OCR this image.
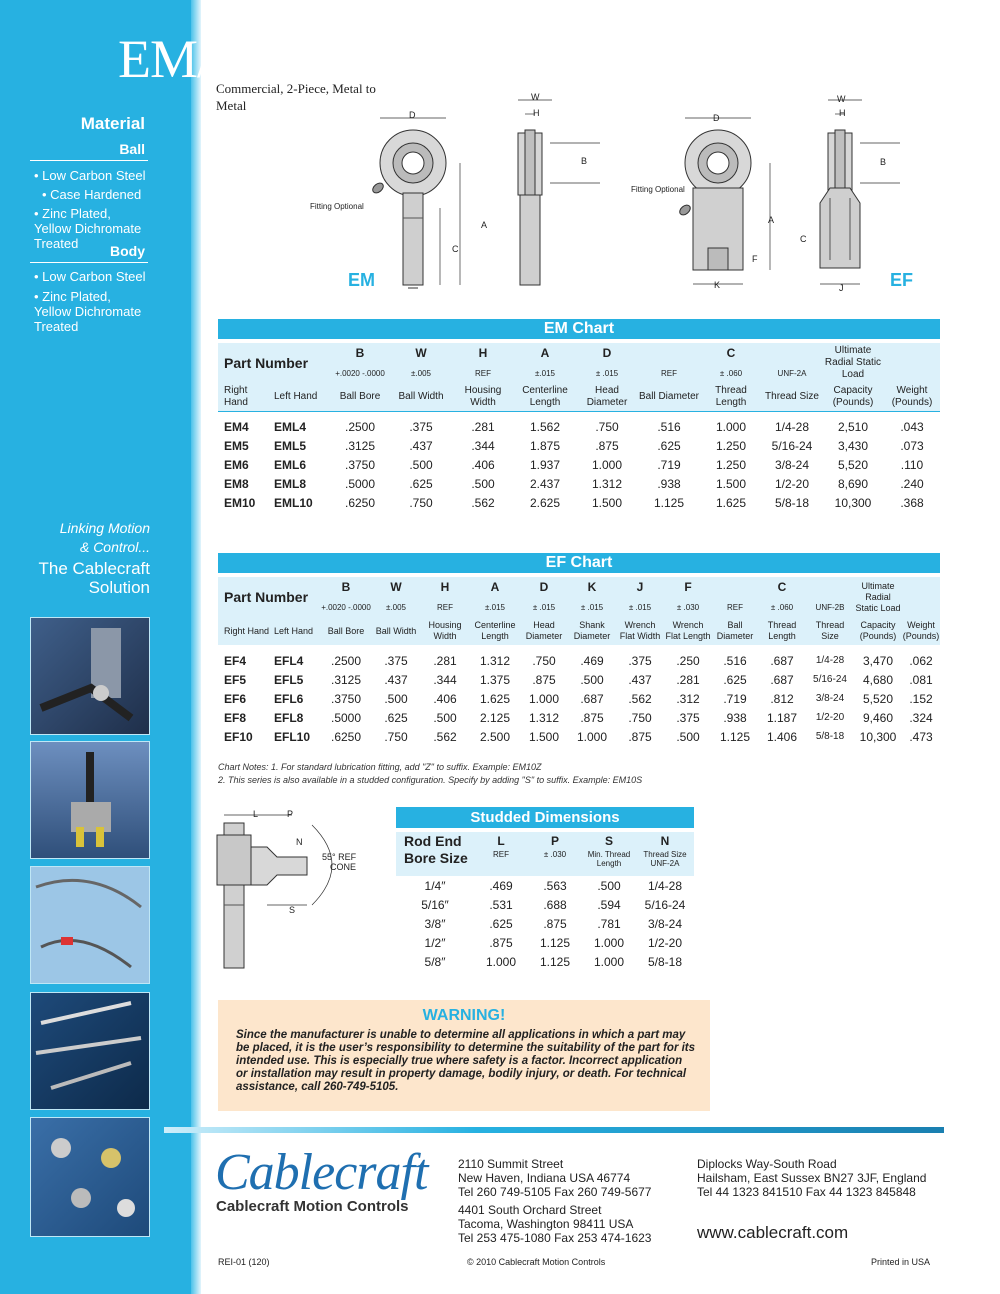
EM/EF
Commercial, 2-Piece, Metal to Metal
Material
Ball
• Low Carbon Steel
• Case Hardened
• Zinc Plated, Yellow Dichromate Treated	Body
• Low Carbon Steel
• Zinc Plated, Yellow Dichromate Treated
Linking Motion
& Control...
The Cablecraft
Solution
D
W
H
B
A
C
Fitting Optional
EM
D
W
H
B
A
C
F
K	J
Fitting Optional
EF
EM Chart
Part Number		B	W	H	A	D		C		Ultimate Radial Static Load	
		+.0020 -.0000	±.005	REF	±.015	± .015	REF	± .060	UNF-2A		
Right Hand	Left Hand	Ball Bore	Ball Width	Housing Width	Centerline Length	Head Diameter	Ball Diameter	Thread Length	Thread Size	Capacity (Pounds)	Weight (Pounds)

EM4	EML4	.2500	.375	.281	1.562	.750	.516	1.000	1/4-28	2,510	.043
EM5	EML5	.3125	.437	.344	1.875	.875	.625	1.250	5/16-24	3,430	.073
EM6	EML6	.3750	.500	.406	1.937	1.000	.719	1.250	3/8-24	5,520	.110
EM8	EML8	.5000	.625	.500	2.437	1.312	.938	1.500	1/2-20	8,690	.240
EM10	EML10	.6250	.750	.562	2.625	1.500	1.125	1.625	5/8-18	10,300	.368
EF Chart
Part Number		B	W	H	A	D	K	J	F		C		Ultimate Radial Static Load	
		+.0020 -.0000	±.005	REF	±.015	± .015	± .015	± .015	± .030	REF	± .060	UNF-2B		
Right Hand	Left Hand	Ball Bore	Ball Width	Housing Width	Centerline Length	Head Diameter	Shank Diameter	Wrench Flat Width	Wrench Flat Length	Ball Diameter	Thread Length	Thread Size	Capacity (Pounds)	Weight (Pounds)

EF4	EFL4	.2500	.375	.281	1.312	.750	.469	.375	.250	.516	.687	1/4-28	3,470	.062
EF5	EFL5	.3125	.437	.344	1.375	.875	.500	.437	.281	.625	.687	5/16-24	4,680	.081
EF6	EFL6	.3750	.500	.406	1.625	1.000	.687	.562	.312	.719	.812	3/8-24	5,520	.152
EF8	EFL8	.5000	.625	.500	2.125	1.312	.875	.750	.375	.938	1.187	1/2-20	9,460	.324
EF10	EFL10	.6250	.750	.562	2.500	1.500	1.000	.875	.500	1.125	1.406	5/8-18	10,300	.473
Chart Notes: 1. For standard lubrication fitting, add "Z" to suffix. Example: EM10Z
2. This series is also available in a studded configuration. Specify by adding "S" to suffix. Example: EM10S
L	P
N
S
55° REF
CONE
Studded Dimensions
Rod End	L	P	S	N
Bore Size	REF	± .030	Min. Thread Length	Thread Size UNF-2A
1/4″	.469	.563	.500	1/4-28
5/16″	.531	.688	.594	5/16-24
3/8″	.625	.875	.781	3/8-24
1/2″	.875	1.125	1.000	1/2-20
5/8″	1.000	1.125	1.000	5/8-18
WARNING!
Since the manufacturer is unable to determine all applications in which a part may be placed, it is the user’s responsibility to determine the suitability of the part for its intended use. This is especially true where safety is a factor. Incorrect application or installation may result in property damage, bodily injury, or death. For technical assistance, call 260-749-5105.
Cablecraft
Cablecraft Motion Controls
2110 Summit Street
New Haven, Indiana USA 46774
Tel 260 749-5105 Fax 260 749-5677
4401 South Orchard Street
Tacoma, Washington 98411 USA
Tel 253 475-1080 Fax 253 474-1623
Diplocks Way-South Road
Hailsham, East Sussex BN27 3JF, England
Tel 44 1323 841510 Fax 44 1323 845848
www.cablecraft.com
REI-01 (120)	© 2010 Cablecraft Motion Controls	Printed in USA
